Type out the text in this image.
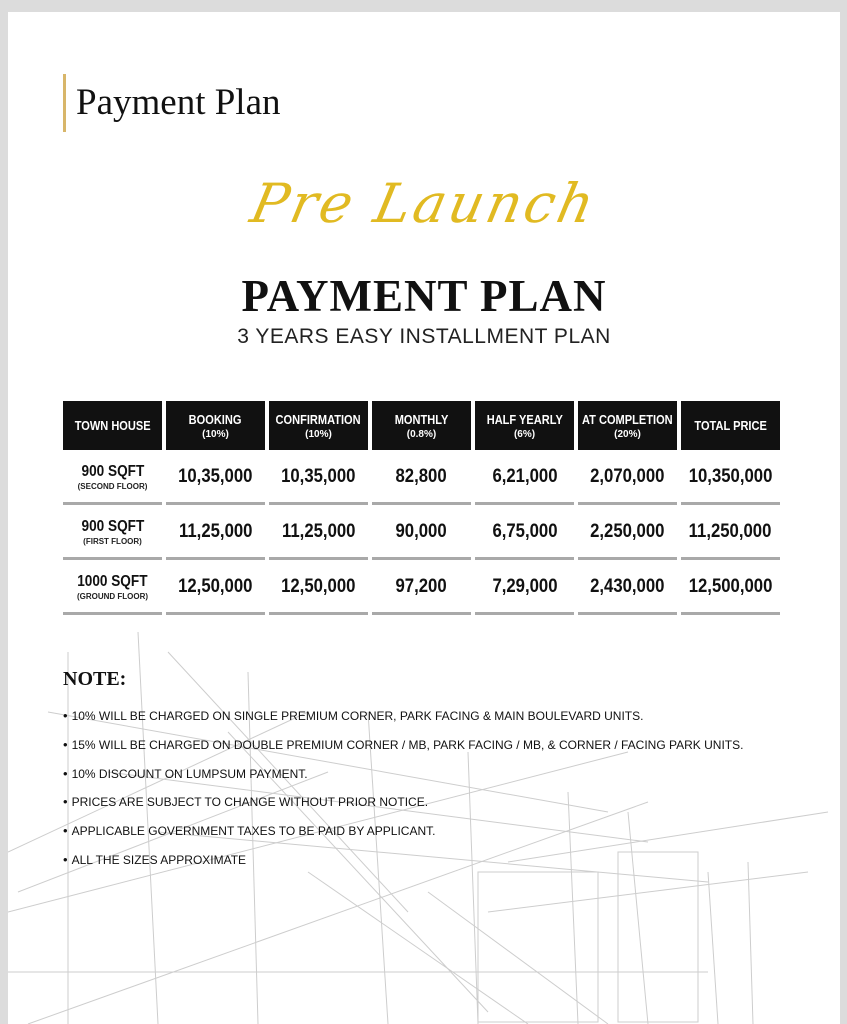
Payment Plan
Pre Launch
PAYMENT PLAN
3 YEARS EASY INSTALLMENT PLAN
TOWN HOUSE	BOOKING
(10%)
CONFIRMATION
(10%)
MONTHLY
(0.8%)
HALF YEARLY
(6%)
AT COMPLETION
(20%)
TOTAL PRICE
900 SQFT
(SECOND FLOOR) 10,35,000 10,35,000 82,800 6,21,000 2,070,000 10,350,000
900 SQFT
(FIRST FLOOR) 11,25,000 11,25,000 90,000 6,75,000 2,250,000 11,250,000
1000 SQFT
(GROUND FLOOR) 12,50,000 12,50,000 97,200 7,29,000 2,430,000 12,500,000
NOTE:
• 10% WILL BE CHARGED ON SINGLE PREMIUM CORNER, PARK FACING & MAIN BOULEVARD UNITS.
• 15% WILL BE CHARGED ON DOUBLE PREMIUM CORNER / MB, PARK FACING / MB, & CORNER / FACING PARK UNITS.
• 10% DISCOUNT ON LUMPSUM PAYMENT.
• PRICES ARE SUBJECT TO CHANGE WITHOUT PRIOR NOTICE.
• APPLICABLE GOVERNMENT TAXES TO BE PAID BY APPLICANT.
• ALL THE SIZES APPROXIMATE
